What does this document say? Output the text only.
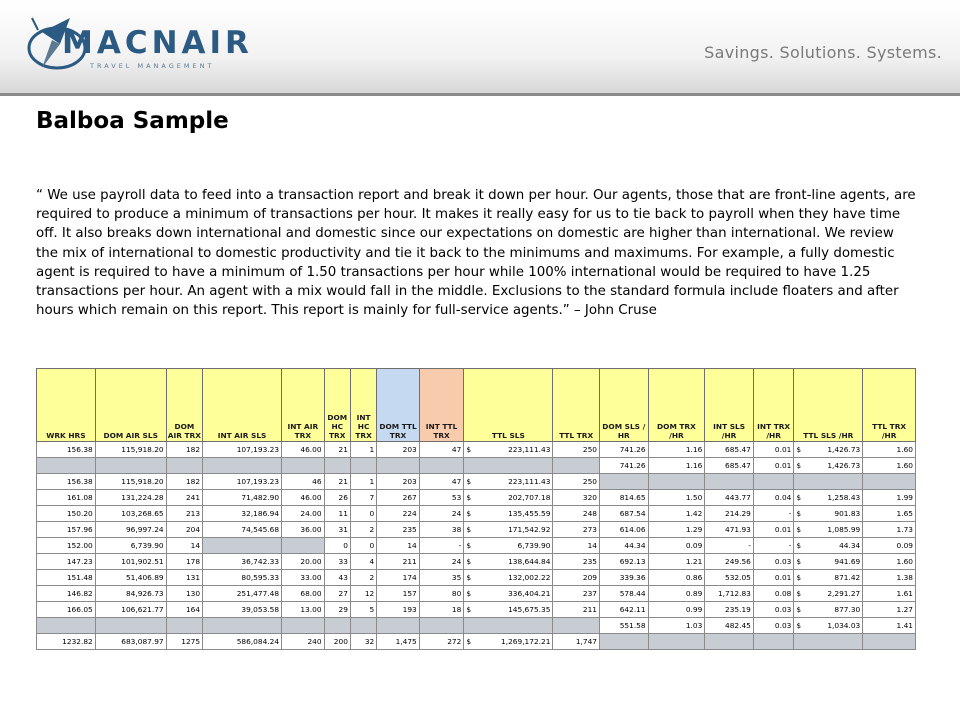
MACNAIR
TRAVEL MANAGEMENT
Savings. Solutions. Systems.
Balboa Sample

“ We use payroll data to feed into a transaction report and break it down per hour. Our agents, those that are front-line agents, are required to produce a minimum of transactions per hour. It makes it really easy for us to tie back to payroll when they have time off. It also breaks down international and domestic since our expectations on domestic are higher than international. We review the mix of international to domestic productivity and tie it back to the minimums and maximums. For example, a fully domestic agent is required to have a minimum of 1.50 transactions per hour while 100% international would be required to have 1.25 transactions per hour. An agent with a mix would fall in the middle. Exclusions to the standard formula include floaters and after hours which remain on this report. This report is mainly for full-service agents.” – John Cruse

WRK HRS	DOM AIR SLS	DOM AIR TRX	INT AIR SLS	INT AIR TRX	DOM HC TRX	INT HC TRX	DOM TTL TRX	INT TTL TRX	TTL SLS	TTL TRX	DOM SLS / HR	DOM TRX /HR	INT SLS /HR	INT TRX /HR	TTL SLS /HR	TTL TRX /HR
156.38	115,918.20	182	107,193.23	46.00	21	1	203	47	$ 223,111.43	250	741.26	1.16	685.47	0.01	$ 1,426.73	1.60
											741.26	1.16	685.47	0.01	$ 1,426.73	1.60
156.38	115,918.20	182	107,193.23	46	21	1	203	47	$ 223,111.43	250						
161.08	131,224.28	241	71,482.90	46.00	26	7	267	53	$ 202,707.18	320	814.65	1.50	443.77	0.04	$ 1,258.43	1.99
150.20	103,268.65	213	32,186.94	24.00	11	0	224	24	$ 135,455.59	248	687.54	1.42	214.29	-	$ 901.83	1.65
157.96	96,997.24	204	74,545.68	36.00	31	2	235	38	$ 171,542.92	273	614.06	1.29	471.93	0.01	$ 1,085.99	1.73
152.00	6,739.90	14			0	0	14	-	$ 6,739.90	14	44.34	0.09	-	-	$ 44.34	0.09
147.23	101,902.51	178	36,742.33	20.00	33	4	211	24	$ 138,644.84	235	692.13	1.21	249.56	0.03	$ 941.69	1.60
151.48	51,406.89	131	80,595.33	33.00	43	2	174	35	$ 132,002.22	209	339.36	0.86	532.05	0.01	$ 871.42	1.38
146.82	84,926.73	130	251,477.48	68.00	27	12	157	80	$ 336,404.21	237	578.44	0.89	1,712.83	0.08	$ 2,291.27	1.61
166.05	106,621.77	164	39,053.58	13.00	29	5	193	18	$ 145,675.35	211	642.11	0.99	235.19	0.03	$ 877.30	1.27
											551.58	1.03	482.45	0.03	$ 1,034.03	1.41
1232.82	683,087.97	1275	586,084.24	240	200	32	1,475	272	$ 1,269,172.21	1,747						
